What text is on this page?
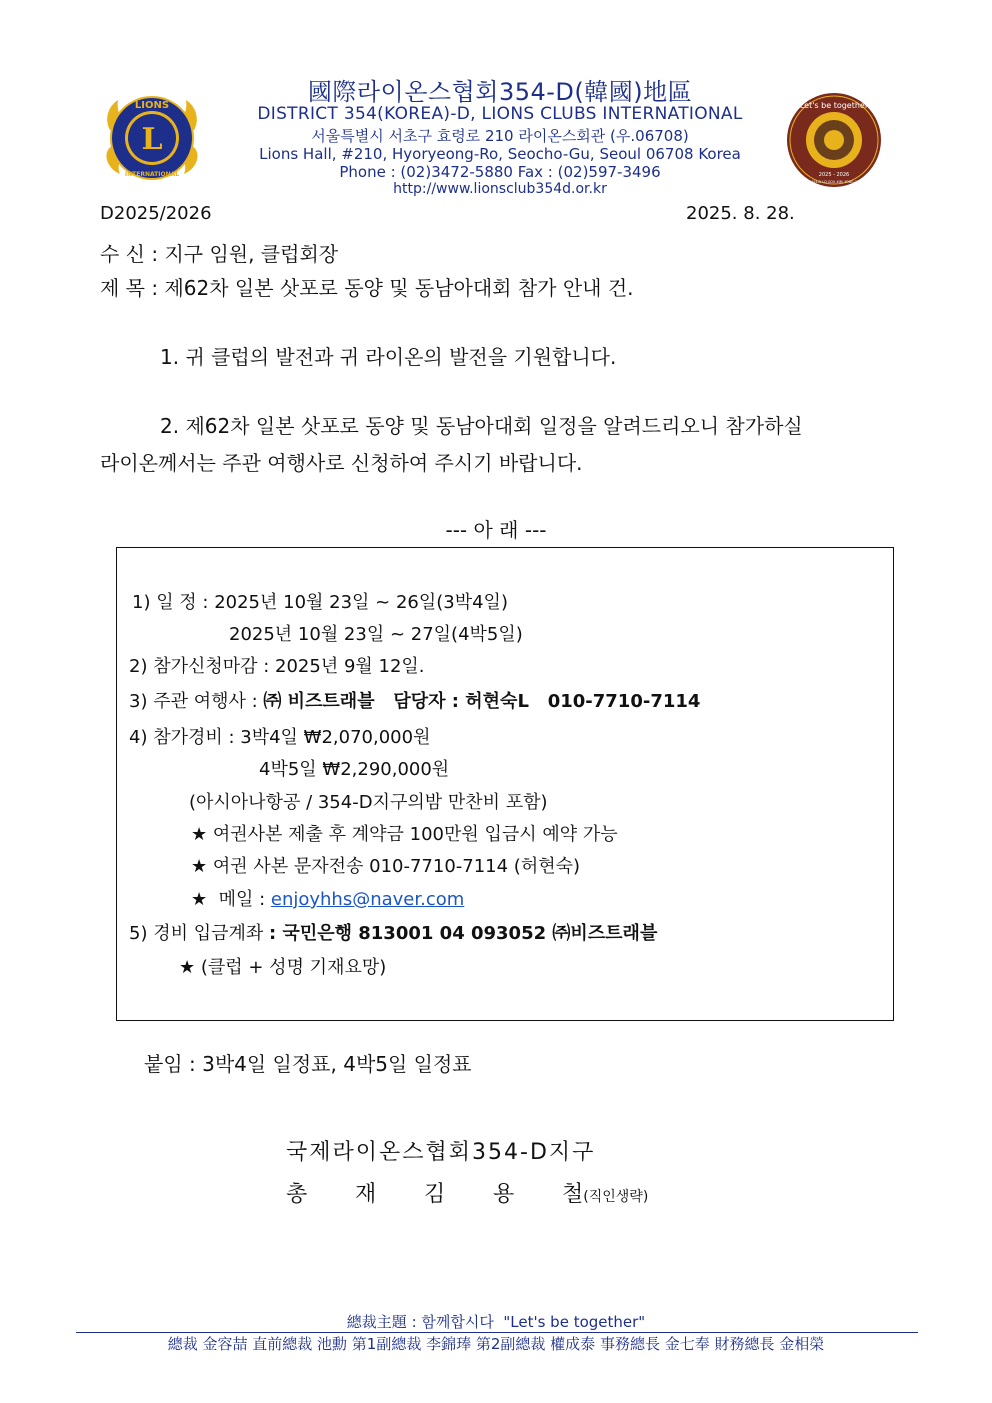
L
LIONS
INTERNATIONAL
Let's be together
2025 - 2026
DIST. 354-D LCI GOV. KIM, YONG-CHEOL
國際라이온스협회354-D(韓國)地區
DISTRICT 354(KOREA)-D, LIONS CLUBS INTERNATIONAL
서울특별시 서초구 효령로 210 라이온스회관 (우.06708)
Lions Hall, #210, Hyoryeong-Ro, Seocho-Gu, Seoul 06708 Korea
Phone : (02)3472-5880 Fax : (02)597-3496
http://www.lionsclub354d.or.kr
D2025/2026	2025. 8. 28.
수 신 : 지구 임원, 클럽회장
제 목 : 제62차 일본 삿포로 동양 및 동남아대회 참가 안내 건.
1. 귀 클럽의 발전과 귀 라이온의 발전을 기원합니다.
2. 제62차 일본 삿포로 동양 및 동남아대회 일정을 알려드리오니 참가하실
라이온께서는 주관 여행사로 신청하여 주시기 바랍니다.
--- 아 래 ---
1) 일 정 : 2025년 10월 23일 ~ 26일(3박4일)
2025년 10월 23일 ~ 27일(4박5일)
2) 참가신청마감 : 2025년 9월 12일.
3) 주관 여행사 : ㈜ 비즈트래블   담당자 : 허현숙L   010-7710-7114
4) 참가경비 : 3박4일 ₩2,070,000원
4박5일 ₩2,290,000원
(아시아나항공 / 354-D지구의밤 만찬비 포함)
★ 여권사본 제출 후 계약금 100만원 입금시 예약 가능
★ 여권 사본 문자전송 010-7710-7114 (허현숙)
★  메일 : enjoyhhs@naver.com
5) 경비 입금계좌 : 국민은행 813001 04 093052 ㈜비즈트래블
★ (클럽 + 성명 기재요망)
붙임 : 3박4일 일정표, 4박5일 일정표
국제라이온스협회354-D지구
총 재 김 용 철(직인생략)
總裁主題 : 함께합시다  "Let's be together"
總裁 金容喆 直前總裁 池勳 第1副總裁 李錦琫 第2副總裁 權成泰 事務總長 金七奉 財務總長 金相榮
